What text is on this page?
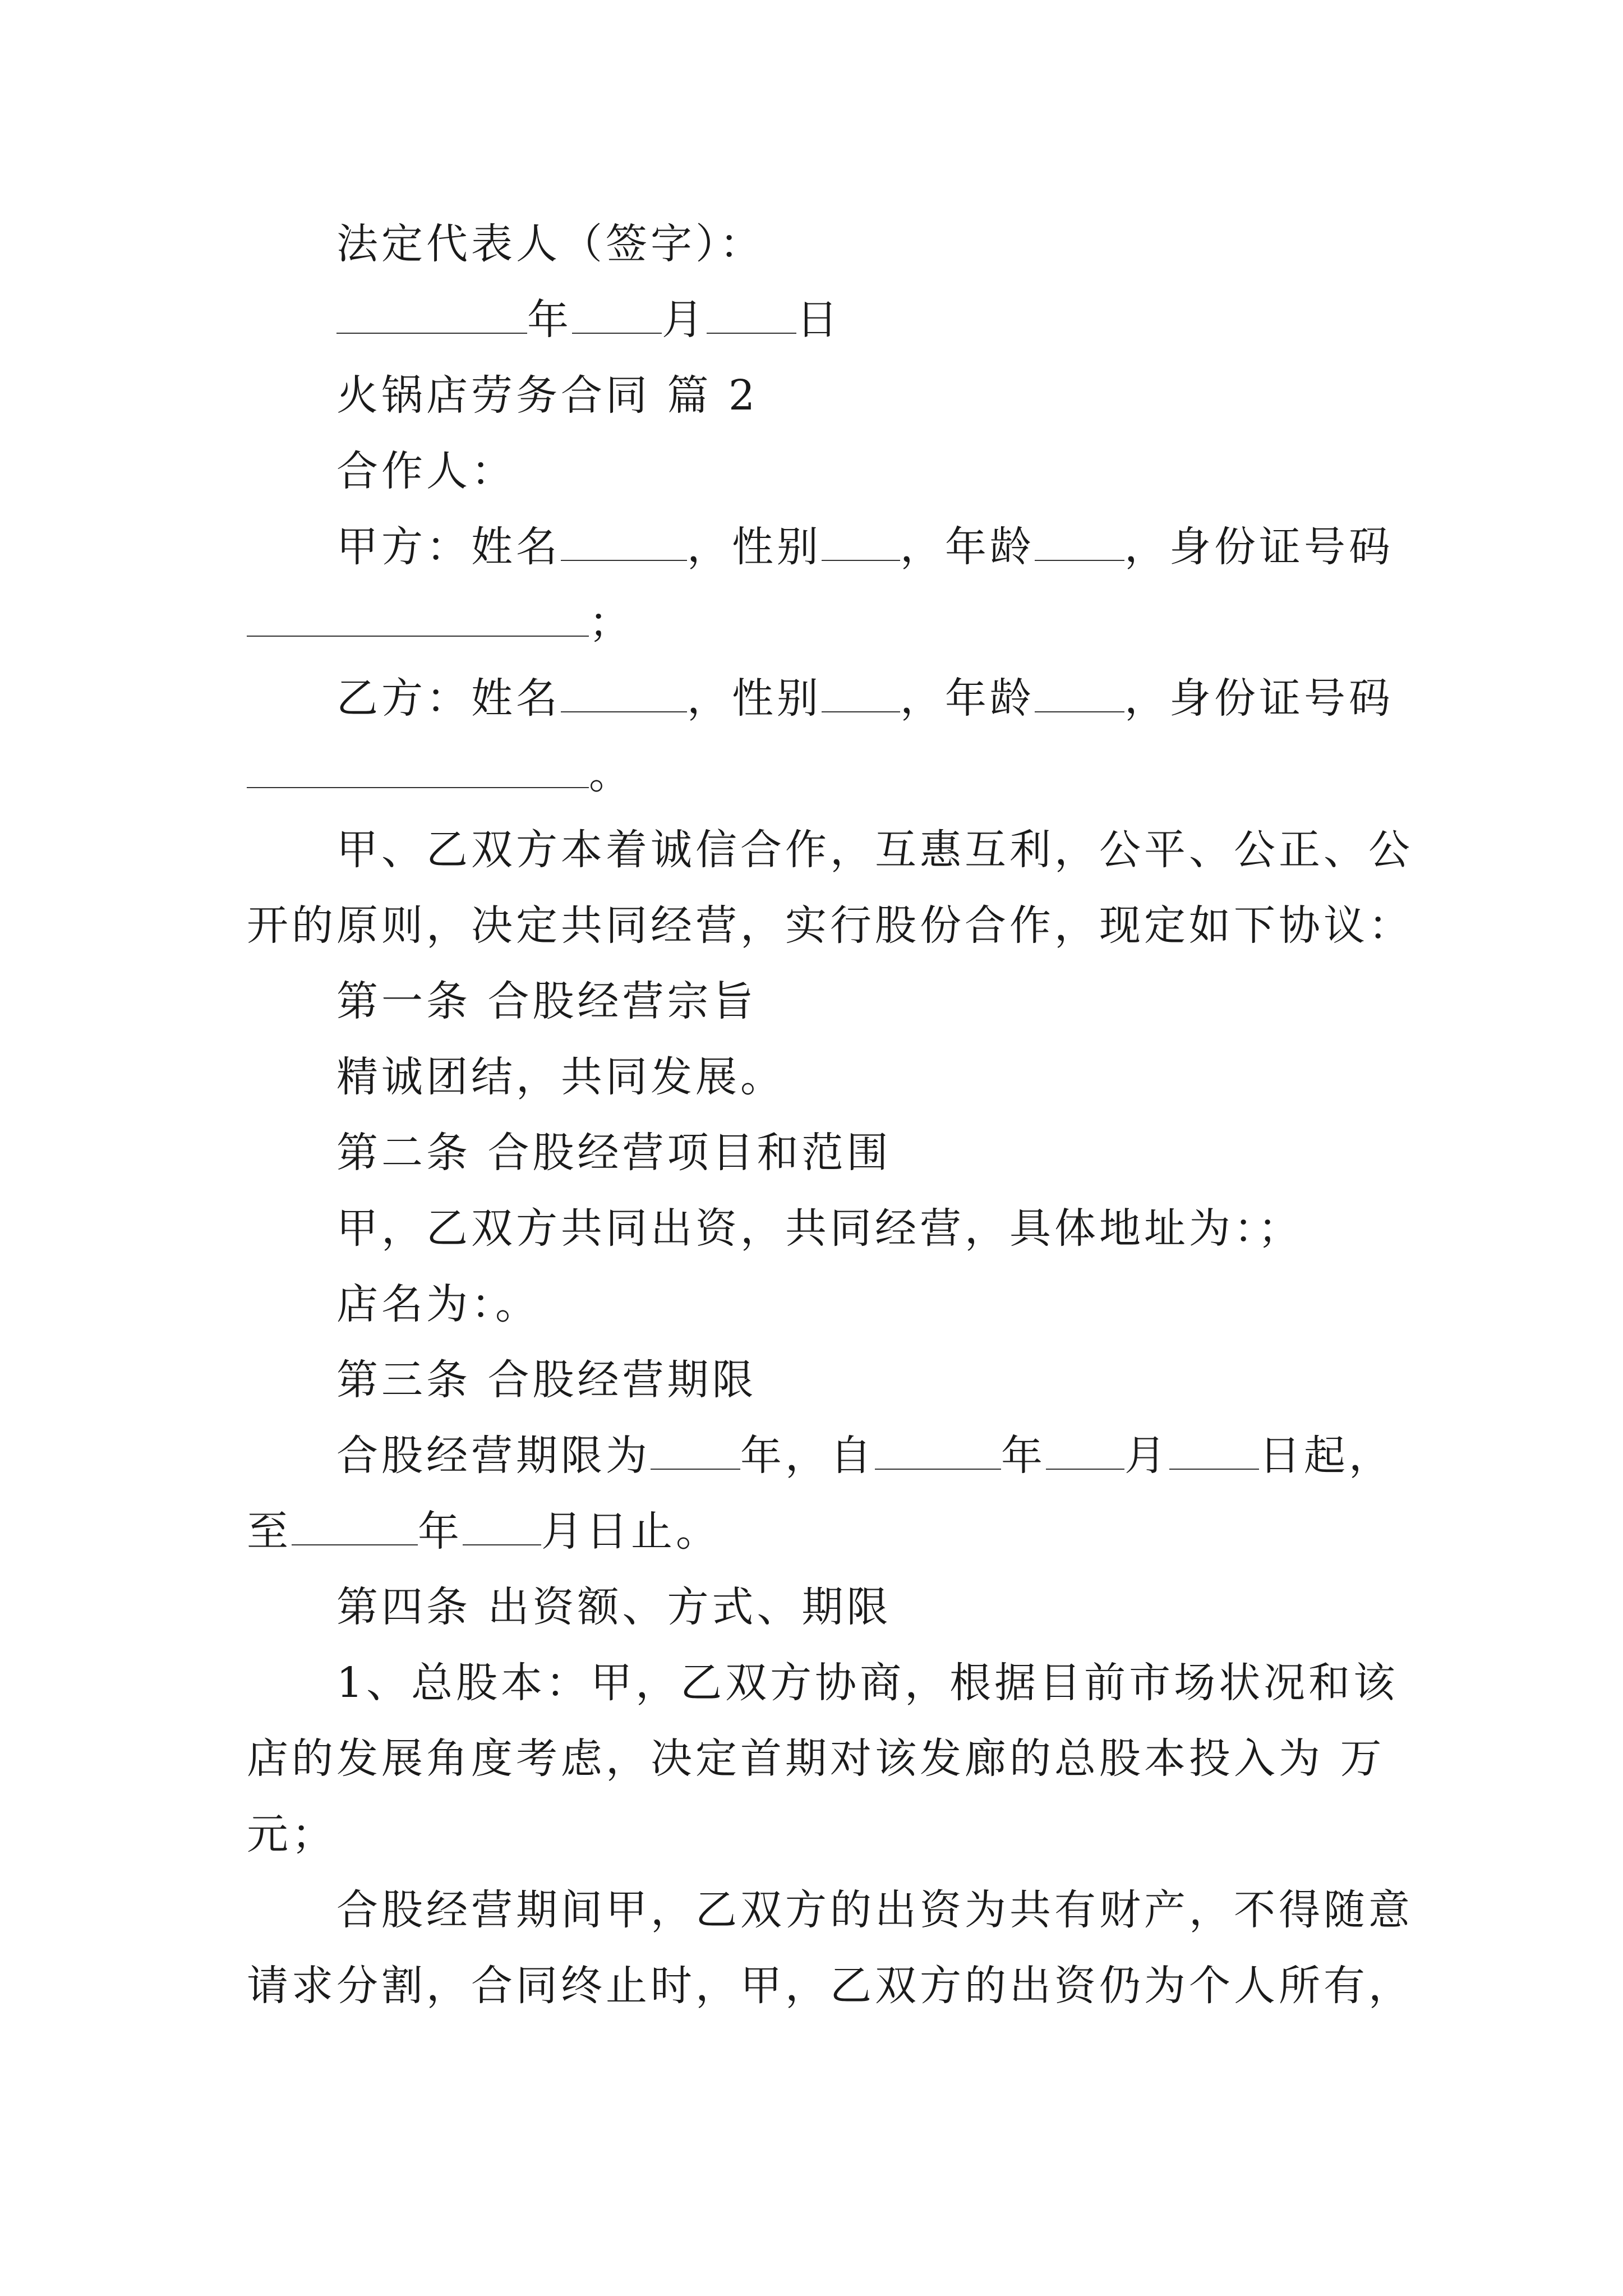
法定代表人（签字）：
年 月 日
火锅店劳务合同 篇 2
合作人：
甲方：姓名	，性别 ，年龄 ，身份证号码
；
乙方：姓名	，性别 ，年龄 ，身份证号码
。
甲、乙双方本着诚信合作，互惠互利，公平、公正、公
开的原则，决定共同经营，实行股份合作，现定如下协议：
第一条 合股经营宗旨
精诚团结，共同发展。
第二条 合股经营项目和范围
甲，乙双方共同出资，共同经营，具体地址为：；
店名为：。
第三条 合股经营期限
合股经营期限为 年，自	年 月 日起，
至	年 月日止。
第四条 出资额、方式、期限
1、总股本：甲，乙双方协商，根据目前市场状况和该
店的发展角度考虑，决定首期对该发廊的总股本投入为 万
元；
合股经营期间甲，乙双方的出资为共有财产，不得随意
请求分割，合同终止时，甲，乙双方的出资仍为个人所有，
